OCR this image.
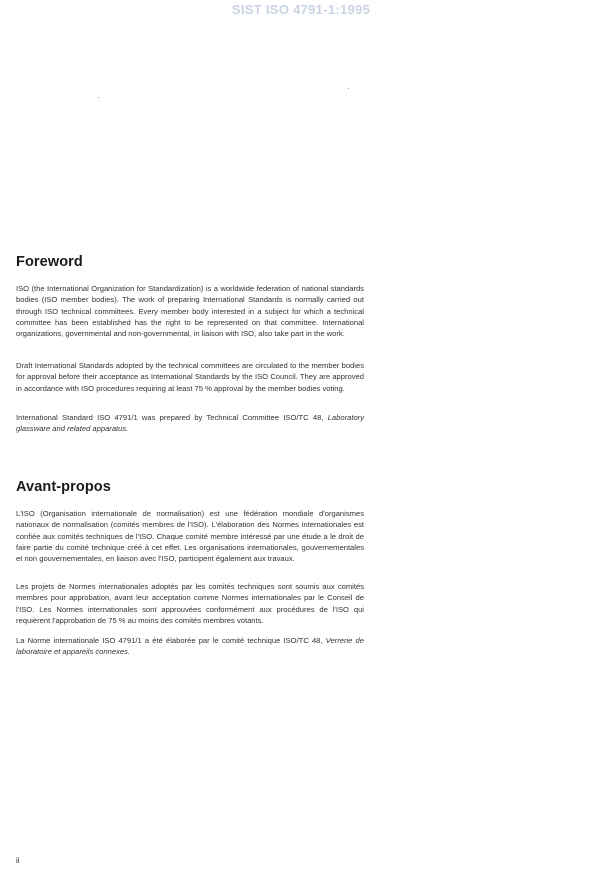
SIST ISO 4791-1:1995
Foreword

ISO (the International Organization for Standardization) is a worldwide federation of national standards bodies (ISO member bodies). The work of preparing International Standards is normally carried out through ISO technical committees. Every member body interested in a subject for which a technical committee has been established has the right to be represented on that committee. International organizations, governmental and non-governmental, in liaison with ISO, also take part in the work.

Draft International Standards adopted by the technical committees are circulated to the member bodies for approval before their acceptance as International Standards by the ISO Council. They are approved in accordance with ISO procedures requiring at least 75 % approval by the member bodies voting.

International Standard ISO 4791/1 was prepared by Technical Committee ISO/TC 48, Laboratory glassware and related apparatus.

Avant-propos

L'ISO (Organisation internationale de normalisation) est une fédération mondiale d'organismes nationaux de normalisation (comités membres de l'ISO). L'élaboration des Normes internationales est confiée aux comités techniques de l'ISO. Chaque comité membre intéressé par une étude a le droit de faire partie du comité technique créé à cet effet. Les organisations internationales, gouvernementales et non gouvernementales, en liaison avec l'ISO, participent également aux travaux.

Les projets de Normes internationales adoptés par les comités techniques sont soumis aux comités membres pour approbation, avant leur acceptation comme Normes internationales par le Conseil de l'ISO. Les Normes internationales sont approuvées conformément aux procédures de l'ISO qui requièrent l'approbation de 75 % au moins des comités membres votants.

La Norme internationale ISO 4791/1 a été élaborée par le comité technique ISO/TC 48, Verrerie de laboratoire et appareils connexes.

ii
